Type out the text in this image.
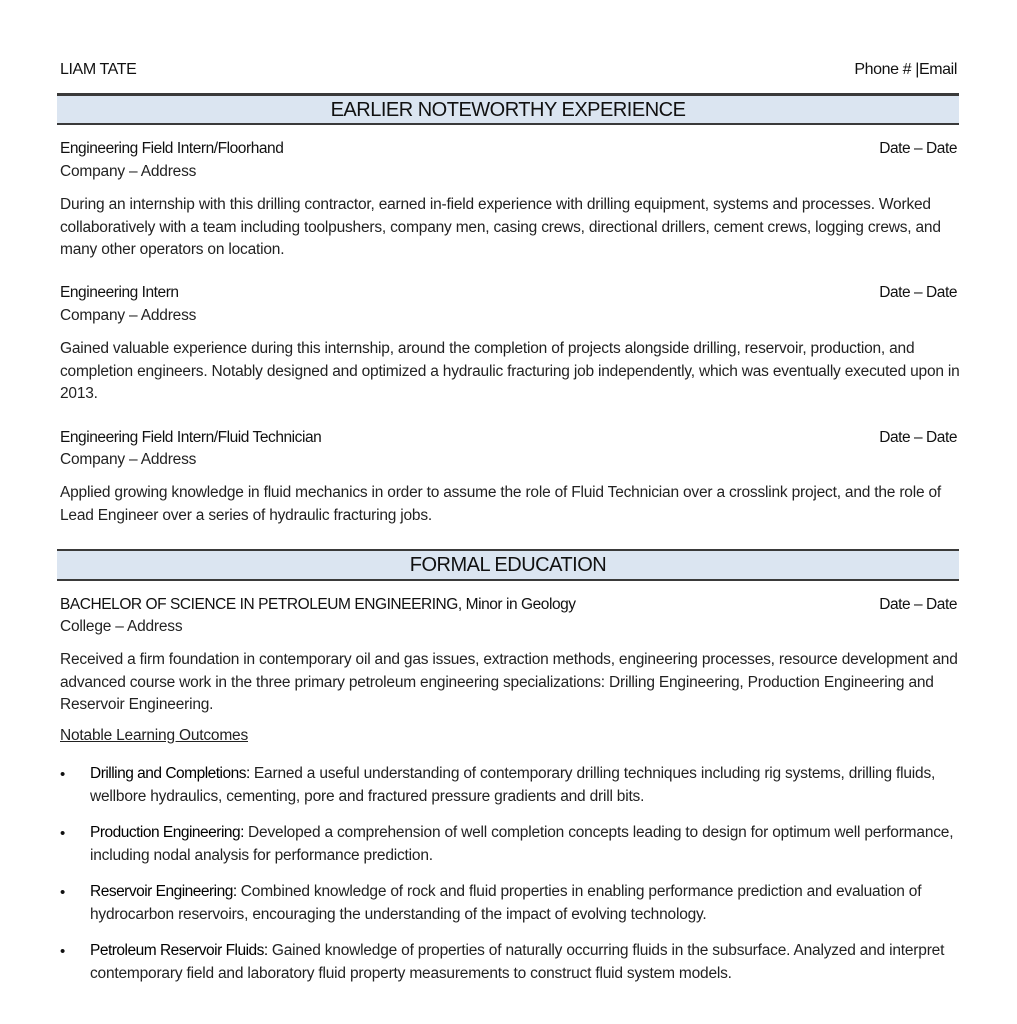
LIAM TATE	Phone # |Email
EARLIER NOTEWORTHY EXPERIENCE
Engineering Field Intern/Floorhand	Date – Date
Company – Address
During an internship with this drilling contractor, earned in-field experience with drilling equipment, systems and processes. Worked collaboratively with a team including toolpushers, company men, casing crews, directional drillers, cement crews, logging crews, and many other operators on location.
Engineering Intern	Date – Date
Company – Address
Gained valuable experience during this internship, around the completion of projects alongside drilling, reservoir, production, and completion engineers. Notably designed and optimized a hydraulic fracturing job independently, which was eventually executed upon in 2013.
Engineering Field Intern/Fluid Technician	Date – Date
Company – Address
Applied growing knowledge in fluid mechanics in order to assume the role of Fluid Technician over a crosslink project, and the role of Lead Engineer over a series of hydraulic fracturing jobs.
FORMAL EDUCATION
BACHELOR OF SCIENCE IN PETROLEUM ENGINEERING, Minor in Geology	Date – Date
College – Address
Received a firm foundation in contemporary oil and gas issues, extraction methods, engineering processes, resource development and advanced course work in the three primary petroleum engineering specializations: Drilling Engineering, Production Engineering and Reservoir Engineering.
Notable Learning Outcomes
• Drilling and Completions: Earned a useful understanding of contemporary drilling techniques including rig systems, drilling fluids, wellbore hydraulics, cementing, pore and fractured pressure gradients and drill bits.
• Production Engineering: Developed a comprehension of well completion concepts leading to design for optimum well performance, including nodal analysis for performance prediction.
• Reservoir Engineering: Combined knowledge of rock and fluid properties in enabling performance prediction and evaluation of hydrocarbon reservoirs, encouraging the understanding of the impact of evolving technology.
• Petroleum Reservoir Fluids: Gained knowledge of properties of naturally occurring fluids in the subsurface. Analyzed and interpret contemporary field and laboratory fluid property measurements to construct fluid system models.
